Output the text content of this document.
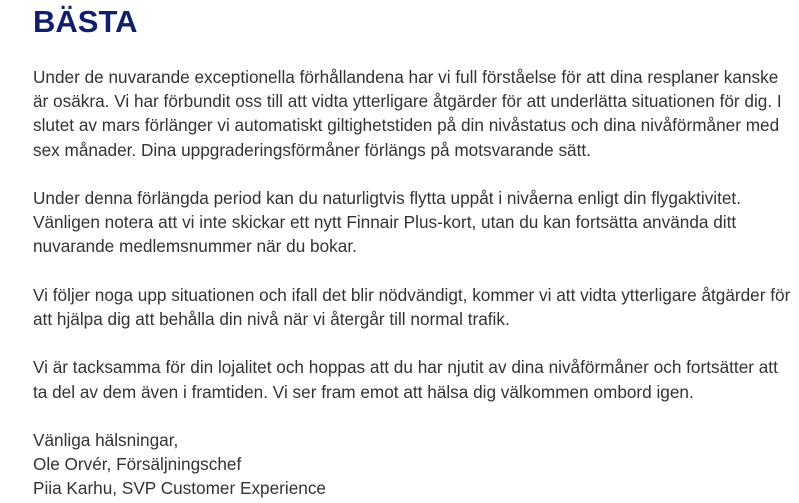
BÄSTA

Under de nuvarande exceptionella förhållandena har vi full förståelse för att dina resplaner kanske
är osäkra. Vi har förbundit oss till att vidta ytterligare åtgärder för att underlätta situationen för dig. I
slutet av mars förlänger vi automatiskt giltighetstiden på din nivåstatus och dina nivåförmåner med
sex månader. Dina uppgraderingsförmåner förlängs på motsvarande sätt.

Under denna förlängda period kan du naturligtvis flytta uppåt i nivåerna enligt din flygaktivitet.
Vänligen notera att vi inte skickar ett nytt Finnair Plus-kort, utan du kan fortsätta använda ditt
nuvarande medlemsnummer när du bokar.

Vi följer noga upp situationen och ifall det blir nödvändigt, kommer vi att vidta ytterligare åtgärder för
att hjälpa dig att behålla din nivå när vi återgår till normal trafik.

Vi är tacksamma för din lojalitet och hoppas att du har njutit av dina nivåförmåner och fortsätter att
ta del av dem även i framtiden. Vi ser fram emot att hälsa dig välkommen ombord igen.

Vänliga hälsningar,
Ole Orvér, Försäljningschef
Piia Karhu, SVP Customer Experience
